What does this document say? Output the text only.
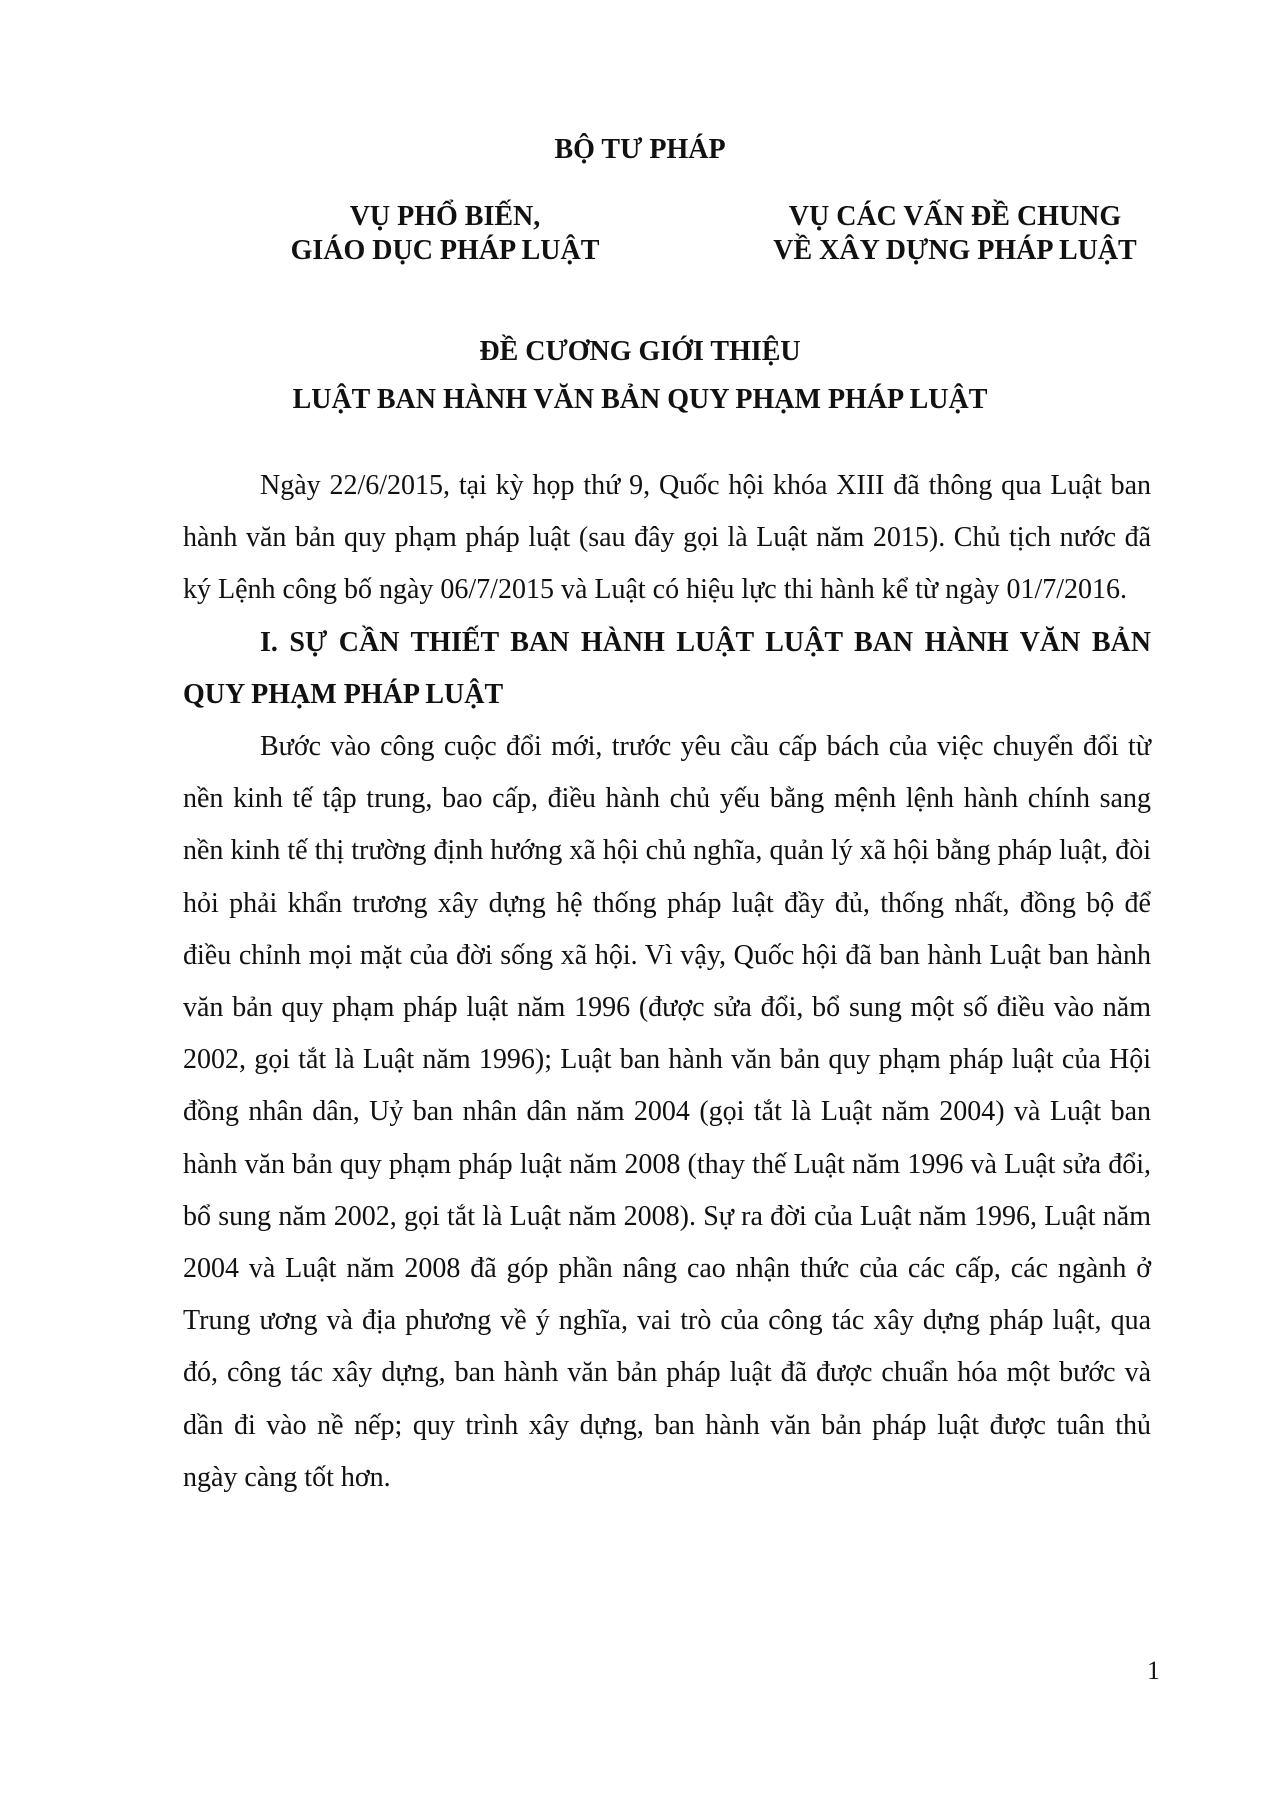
BỘ TƯ PHÁP
VỤ PHỔ BIẾN,
GIÁO DỤC PHÁP LUẬT
VỤ CÁC VẤN ĐỀ CHUNG
VỀ XÂY DỰNG PHÁP LUẬT
ĐỀ CƯƠNG GIỚI THIỆU
LUẬT BAN HÀNH VĂN BẢN QUY PHẠM PHÁP LUẬT

Ngày 22/6/2015, tại kỳ họp thứ 9, Quốc hội khóa XIII đã thông qua Luật ban hành văn bản quy phạm pháp luật (sau đây gọi là Luật năm 2015). Chủ tịch nước đã ký Lệnh công bố ngày 06/7/2015 và Luật có hiệu lực thi hành kể từ ngày 01/7/2016.

I. SỰ CẦN THIẾT BAN HÀNH LUẬT LUẬT BAN HÀNH VĂN BẢN QUY PHẠM PHÁP LUẬT

Bước vào công cuộc đổi mới, trước yêu cầu cấp bách của việc chuyển đổi từ nền kinh tế tập trung, bao cấp, điều hành chủ yếu bằng mệnh lệnh hành chính sang nền kinh tế thị trường định hướng xã hội chủ nghĩa, quản lý xã hội bằng pháp luật, đòi hỏi phải khẩn trương xây dựng hệ thống pháp luật đầy đủ, thống nhất, đồng bộ để điều chỉnh mọi mặt của đời sống xã hội. Vì vậy, Quốc hội đã ban hành Luật ban hành văn bản quy phạm pháp luật năm 1996 (được sửa đổi, bổ sung một số điều vào năm 2002, gọi tắt là Luật năm 1996); Luật ban hành văn bản quy phạm pháp luật của Hội đồng nhân dân, Uỷ ban nhân dân năm 2004 (gọi tắt là Luật năm 2004) và Luật ban hành văn bản quy phạm pháp luật năm 2008 (thay thế Luật năm 1996 và Luật sửa đổi, bổ sung năm 2002, gọi tắt là Luật năm 2008). Sự ra đời của Luật năm 1996, Luật năm 2004 và Luật năm 2008 đã góp phần nâng cao nhận thức của các cấp, các ngành ở Trung ương và địa phương về ý nghĩa, vai trò của công tác xây dựng pháp luật, qua đó, công tác xây dựng, ban hành văn bản pháp luật đã được chuẩn hóa một bước và dần đi vào nề nếp; quy trình xây dựng, ban hành văn bản pháp luật được tuân thủ ngày càng tốt hơn.

1
